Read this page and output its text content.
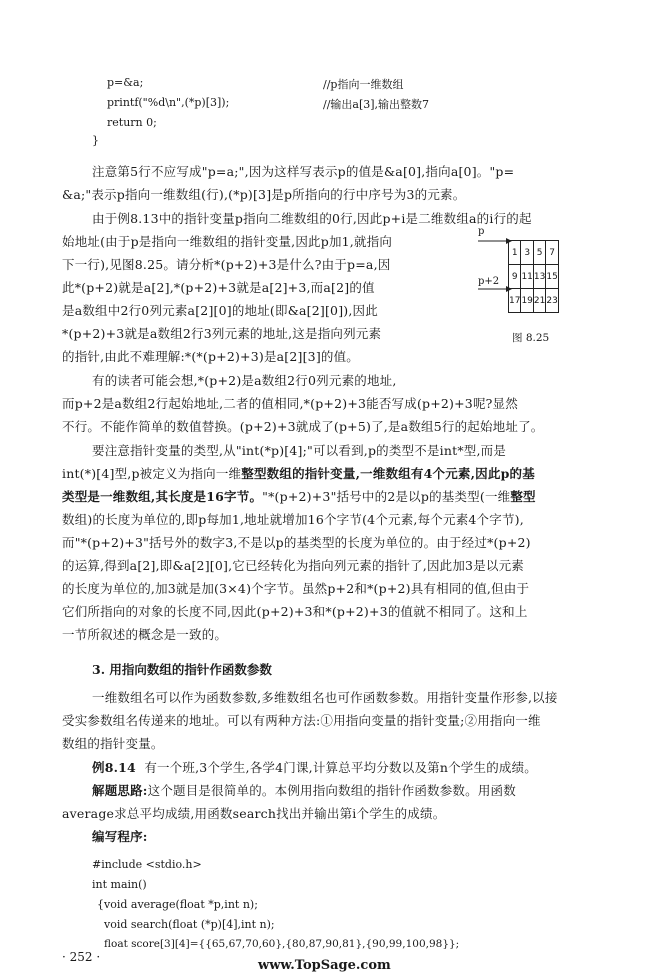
p=&a;	//p指向一维数组
printf("%d\n",(*p)[3]);	//输出a[3],输出整数7
return 0;
}
注意第5行不应写成"p=a;",因为这样写表示p的值是&a[0],指向a[0]。"p=
&a;"表示p指向一维数组(行),(*p)[3]是p所指向的行中序号为3的元素。
由于例8.13中的指针变量p指向二维数组的0行,因此p+i是二维数组a的i行的起
始地址(由于p是指向一维数组的指针变量,因此p加1,就指向
下一行),见图8.25。请分析*(p+2)+3是什么?由于p=a,因
此*(p+2)就是a[2],*(p+2)+3就是a[2]+3,而a[2]的值
是a数组中2行0列元素a[2][0]的地址(即&a[2][0]),因此
*(p+2)+3就是a数组2行3列元素的地址,这是指向列元素
的指针,由此不难理解:*(*(p+2)+3)是a[2][3]的值。
p
p+2
1	3	5	7
9	11	13	15
17	19	21	23
图 8.25
有的读者可能会想,*(p+2)是a数组2行0列元素的地址,
而p+2是a数组2行起始地址,二者的值相同,*(p+2)+3能否写成(p+2)+3呢?显然
不行。不能作简单的数值替换。(p+2)+3就成了(p+5)了,是a数组5行的起始地址了。
要注意指针变量的类型,从"int(*p)[4];"可以看到,p的类型不是int*型,而是
int(*)[4]型,p被定义为指向一维整型数组的指针变量,一维数组有4个元素,因此p的基
类型是一维数组,其长度是16字节。"*(p+2)+3"括号中的2是以p的基类型(一维整型
数组)的长度为单位的,即p每加1,地址就增加16个字节(4个元素,每个元素4个字节),
而"*(p+2)+3"括号外的数字3,不是以p的基类型的长度为单位的。由于经过*(p+2)
的运算,得到a[2],即&a[2][0],它已经转化为指向列元素的指针了,因此加3是以元素
的长度为单位的,加3就是加(3×4)个字节。虽然p+2和*(p+2)具有相同的值,但由于
它们所指向的对象的长度不同,因此(p+2)+3和*(p+2)+3的值就不相同了。这和上
一节所叙述的概念是一致的。
3. 用指向数组的指针作函数参数
一维数组名可以作为函数参数,多维数组名也可作函数参数。用指针变量作形参,以接
受实参数组名传递来的地址。可以有两种方法:①用指向变量的指针变量;②用指向一维
数组的指针变量。
例8.14 有一个班,3个学生,各学4门课,计算总平均分数以及第n个学生的成绩。
解题思路:这个题目是很简单的。本例用指向数组的指针作函数参数。用函数
average求总平均成绩,用函数search找出并输出第i个学生的成绩。
编写程序:
#include <stdio.h>
int main()
{void average(float *p,int n);
void search(float (*p)[4],int n);
float score[3][4]={{65,67,70,60},{80,87,90,81},{90,99,100,98}};
· 252 ·
www.TopSage.com
